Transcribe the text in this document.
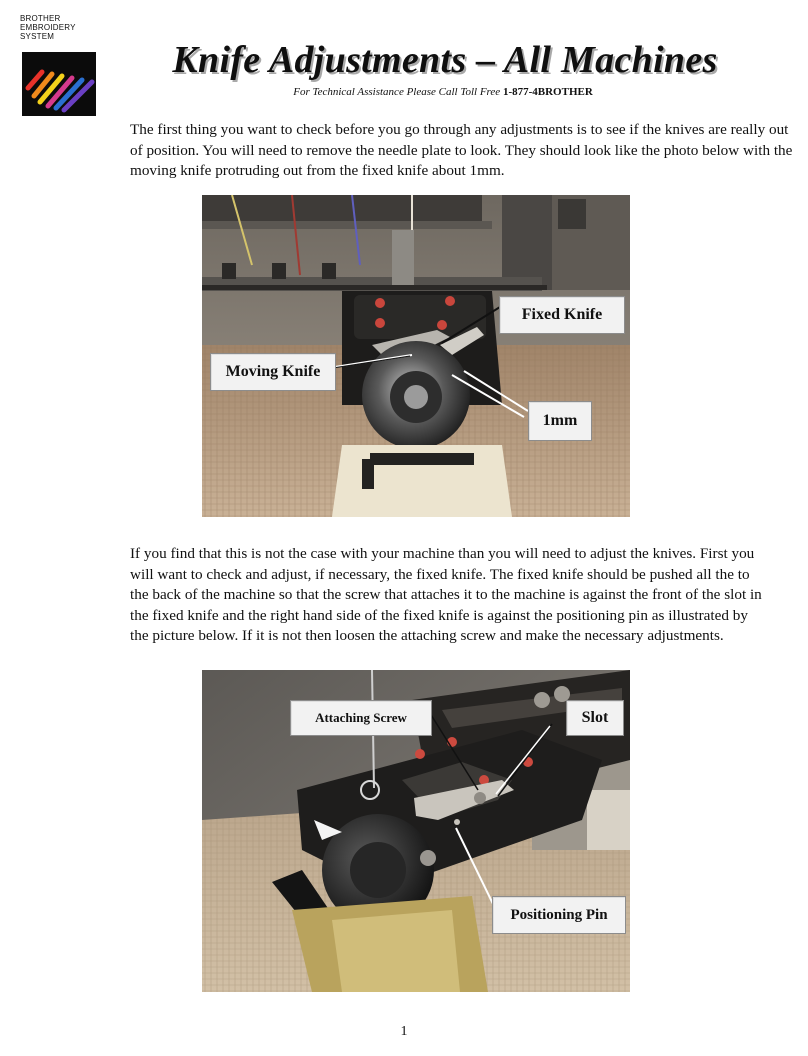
BROTHER
EMBROIDERY
SYSTEM
Knife Adjustments – All Machines
For Technical Assistance Please Call Toll Free 1-877-4BROTHER
The first thing you want to check before you go through any adjustments is to see if the knives are really out of position. You will need to remove the needle plate to look. They should look like the photo below with the moving knife protruding out from the fixed knife about 1mm.
Fixed Knife
Moving Knife
1mm
If you find that this is not the case with your machine than you will need to adjust the knives. First you will want to check and adjust, if necessary, the fixed knife. The fixed knife should be pushed all the to the back of the machine so that the screw that attaches it to the machine is against the front of the slot in the fixed knife and the right hand side of the fixed knife is against the positioning pin as illustrated by the picture below. If it is not then loosen the attaching screw and make the necessary adjustments.
Attaching Screw	Slot
Positioning Pin
1
